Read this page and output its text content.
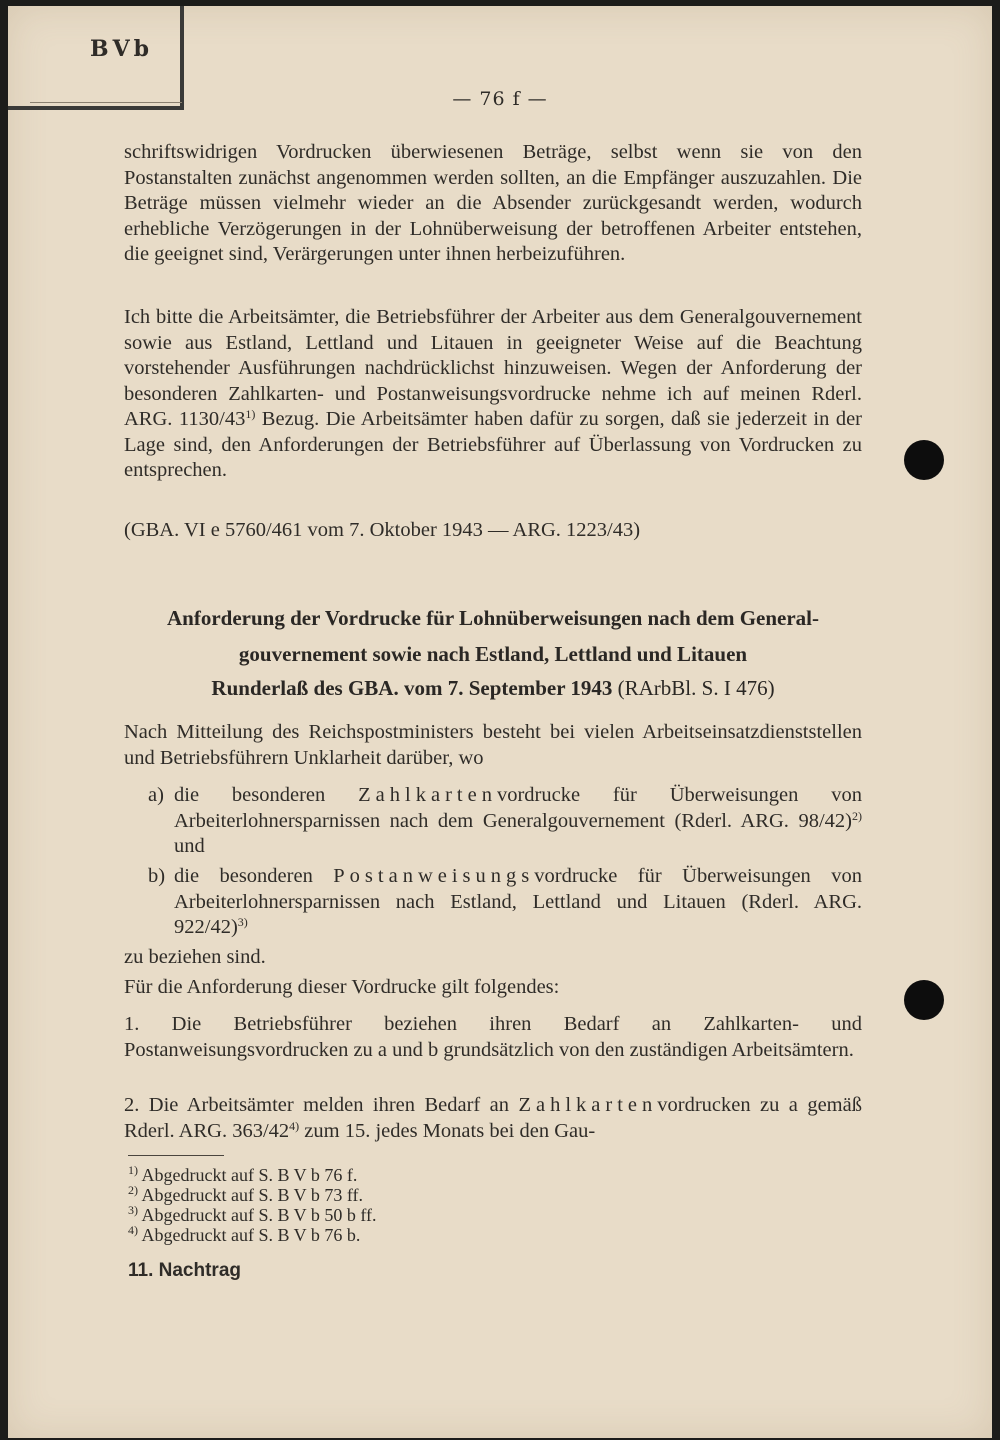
BVb
— 76 f —

schriftswidrigen Vordrucken überwiesenen Beträge, selbst wenn sie von den Postanstalten zunächst angenommen werden sollten, an die Empfänger auszuzahlen. Die Beträge müssen vielmehr wieder an die Absender zurückgesandt werden, wodurch erhebliche Verzögerungen in der Lohnüberweisung der betroffenen Arbeiter entstehen, die geeignet sind, Verärgerungen unter ihnen herbeizuführen.

Ich bitte die Arbeitsämter, die Betriebsführer der Arbeiter aus dem Generalgouvernement sowie aus Estland, Lettland und Litauen in geeigneter Weise auf die Beachtung vorstehender Ausführungen nachdrücklichst hinzuweisen. Wegen der Anforderung der besonderen Zahlkarten- und Postanweisungsvordrucke nehme ich auf meinen Rderl. ARG. 1130/43$^{1)}$ Bezug. Die Arbeitsämter haben dafür zu sorgen, daß sie jederzeit in der Lage sind, den Anforderungen der Betriebsführer auf Überlassung von Vordrucken zu entsprechen.

(GBA. VI e 5760/461 vom 7. Oktober 1943 — ARG. 1223/43)
Anforderung der Vordrucke für Lohnüberweisungen nach dem General-
gouvernement sowie nach Estland, Lettland und Litauen
Runderlaß des GBA. vom 7. September 1943 (RArbBl. S. I 476)
Nach Mitteilung des Reichspostministers besteht bei vielen Arbeitseinsatzdienststellen und Betriebsführern Unklarheit darüber, wo
a) die besonderen Zahlkartenvordrucke für Überweisungen von Arbeiterlohnersparnissen nach dem Generalgouvernement (Rderl. ARG. 98/42)$^{2)}$ und
b) die besonderen Postanweisungsvordrucke für Überweisungen von Arbeiterlohnersparnissen nach Estland, Lettland und Litauen (Rderl. ARG. 922/42)$^{3)}$
zu beziehen sind.
Für die Anforderung dieser Vordrucke gilt folgendes:
1. Die Betriebsführer beziehen ihren Bedarf an Zahlkarten- und Postanweisungsvordrucken zu a und b grundsätzlich von den zuständigen Arbeitsämtern.
2. Die Arbeitsämter melden ihren Bedarf an Zahlkartenvordrucken zu a gemäß Rderl. ARG. 363/42$^{4)}$ zum 15. jedes Monats bei den Gau-
$^{1)}$ Abgedruckt auf S. B V b 76 f.
$^{2)}$ Abgedruckt auf S. B V b 73 ff.
$^{3)}$ Abgedruckt auf S. B V b 50 b ff.
$^{4)}$ Abgedruckt auf S. B V b 76 b.
11. Nachtrag
